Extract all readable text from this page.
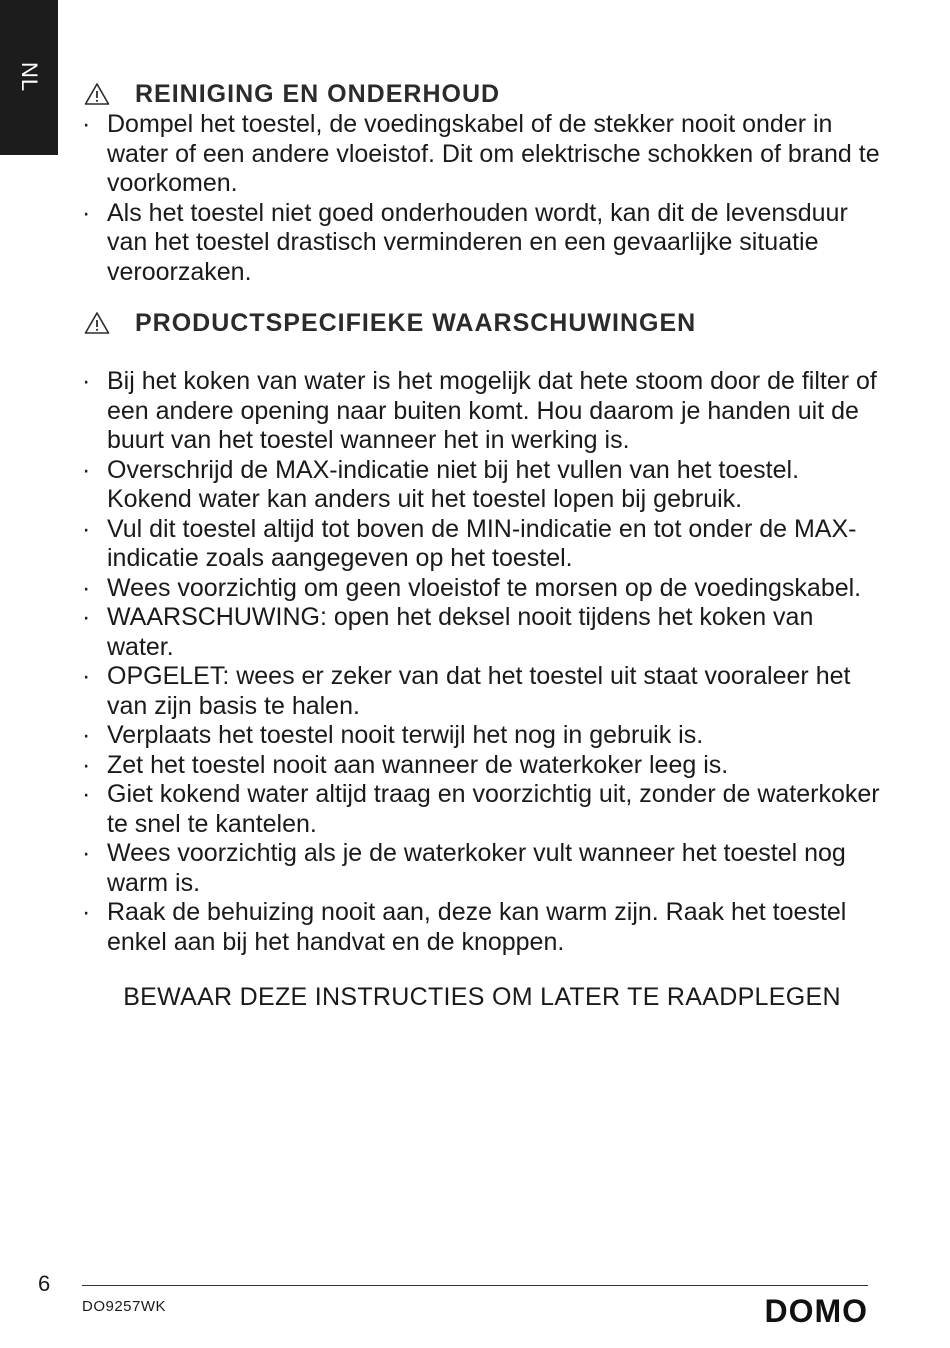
NL
REINIGING EN ONDERHOUD
· Dompel het toestel, de voedingskabel of de stekker nooit onder in water of een andere vloeistof. Dit om elektrische schokken of brand te voorkomen.
· Als het toestel niet goed onderhouden wordt, kan dit de levensduur van het toestel drastisch verminderen en een gevaarlijke situatie veroorzaken.
PRODUCTSPECIFIEKE WAARSCHUWINGEN
· Bij het koken van water is het mogelijk dat hete stoom door de filter of een andere opening naar buiten komt. Hou daarom je handen uit de buurt van het toestel wanneer het in werking is.
· Overschrijd de MAX-indicatie niet bij het vullen van het toestel. Kokend water kan anders uit het toestel lopen bij gebruik.
· Vul dit toestel altijd tot boven de MIN-indicatie en tot onder de MAX-indicatie zoals aangegeven op het toestel.
· Wees voorzichtig om geen vloeistof te morsen op de voedingskabel.
· WAARSCHUWING: open het deksel nooit tijdens het koken van water.
· OPGELET: wees er zeker van dat het toestel uit staat vooraleer het van zijn basis te halen.
· Verplaats het toestel nooit terwijl het nog in gebruik is.
· Zet het toestel nooit aan wanneer de waterkoker leeg is.
· Giet kokend water altijd traag en voorzichtig uit, zonder de waterkoker te snel te kantelen.
· Wees voorzichtig als je de waterkoker vult wanneer het toestel nog warm is.
· Raak de behuizing nooit aan, deze kan warm zijn. Raak het toestel enkel aan bij het handvat en de knoppen.
BEWAAR DEZE INSTRUCTIES OM LATER TE RAADPLEGEN
6
DO9257WK	DOMO
